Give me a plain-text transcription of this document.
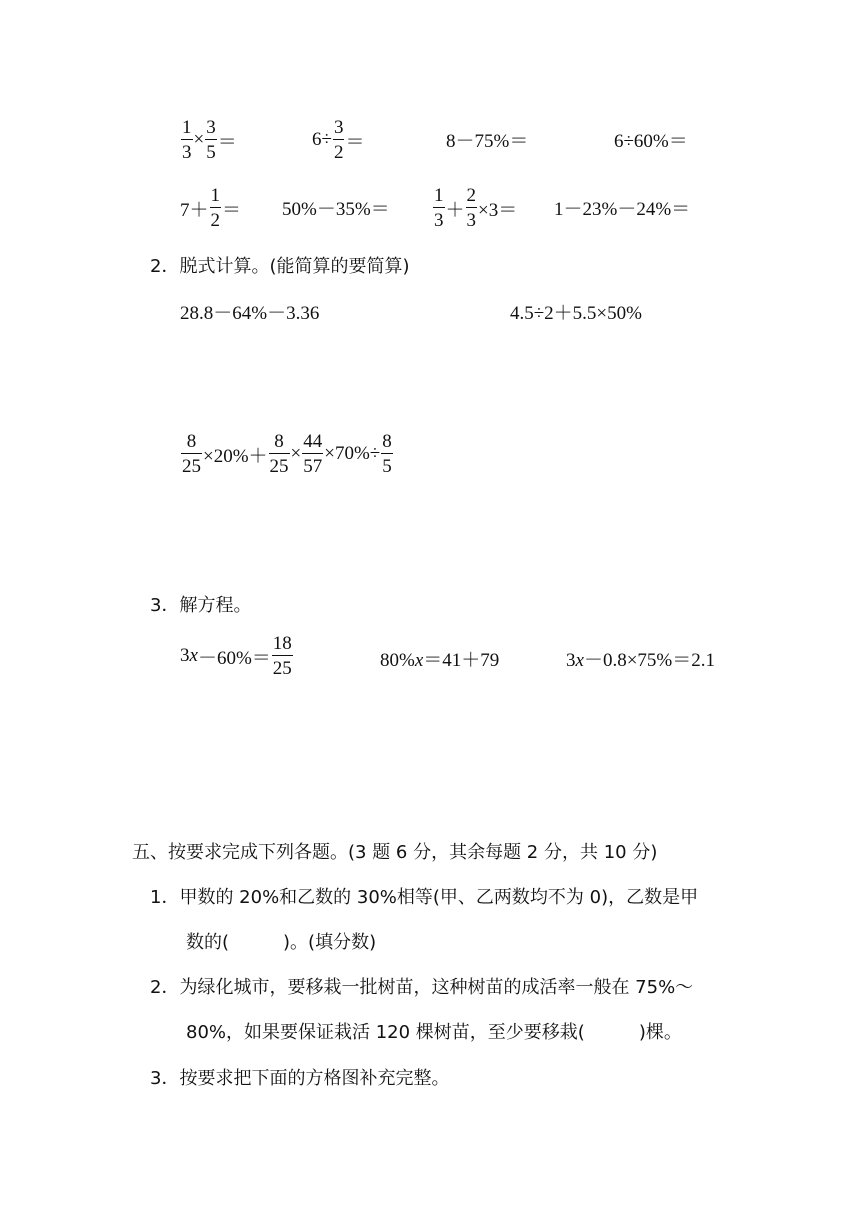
$\frac{1}{3} \times \frac{3}{5}$ ＝	$6\div \frac{3}{2}$ ＝	8－75%＝	6÷60%＝
$7+ \frac{1}{2} = 50\%-35\%= \frac{1}{3} + \frac{2}{3} \times 3= 1-23\%-24\%=$
2．脱式计算。(能简算的要简算)
28.8－64%－3.36	4.5÷2＋5.5×50%
$\frac{8}{25} \times 20\%+ \frac{8}{25} \times \frac{44}{57} \times 70\%\div \frac{8}{5}$
3．解方程。
3 $x -60\%= \frac{18}{25}$	80%x＝41＋79	3x－0.8×75%＝2.1
五、按要求完成下列各题。(3 题 6 分，其余每题 2 分，共 10 分)
1．甲数的 20%和乙数的 30%相等(甲、乙两数均不为 0)，乙数是甲
数的(　　　)。(填分数)
2．为绿化城市，要移栽一批树苗，这种树苗的成活率一般在 75%～
80%，如果要保证栽活 120 棵树苗，至少要移栽(　　　)棵。
3．按要求把下面的方格图补充完整。
